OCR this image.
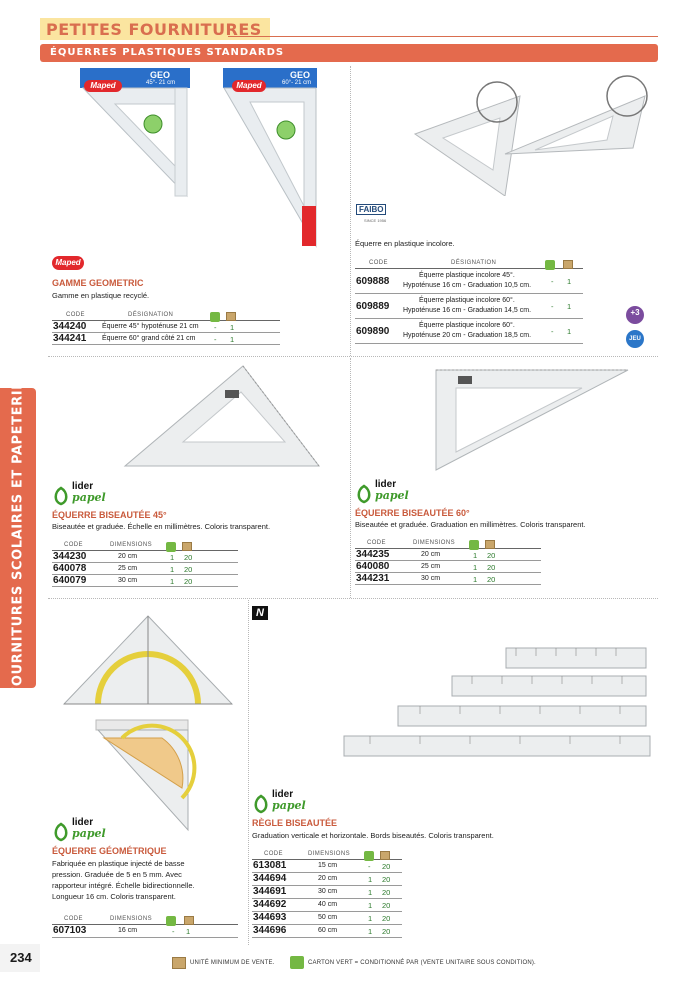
PETITES FOURNITURES
ÉQUERRES PLASTIQUES STANDARDS
FOURNITURES SCOLAIRES ET PAPETERIE
Maped
GEO
45°- 21 cm	Maped
GEO
60°- 21 cm
Maped
GAMME GEOMETRIC
Gamme en plastique recyclé.
CODE	DÉSIGNATION
344240 Équerre 45° hypoténuse 21 cm - 1
344241 Équerre 60° grand côté 21 cm - 1
FAIBO
SINCE 1956
Équerre en plastique incolore.
CODE	DÉSIGNATION
609888
Équerre plastique incolore 45°.
Hypoténuse 16 cm - Graduation 10,5 cm.	- 1
609889
Équerre plastique incolore 60°.
Hypoténuse 16 cm - Graduation 14,5 cm.	- 1
609890
Équerre plastique incolore 60°.
Hypoténuse 20 cm - Graduation 18,5 cm.	- 1
+3
ANS
JEU
lider
papel
ÉQUERRE BISEAUTÉE 45°
Biseautée et graduée. Échelle en millimètres. Coloris transparent.
CODE	DIMENSIONS
344230	20 cm	1 20
640078	25 cm	1 20
640079	30 cm	1 20
lider
papel
ÉQUERRE BISEAUTÉE 60°
Biseautée et graduée. Graduation en millimètres. Coloris transparent.
CODE	DIMENSIONS
344235	20 cm	1 20
640080	25 cm	1 20
344231	30 cm	1 20
lider
papel
ÉQUERRE GÉOMÉTRIQUE
Fabriquée en plastique injecté de basse
pression. Graduée de 5 en 5 mm. Avec
rapporteur intégré. Échelle bidirectionnelle.
Longueur 16 cm. Coloris transparent.
CODE	DIMENSIONS
607103	16 cm	- 1
N
lider
papel
RÈGLE BISEAUTÉE
Graduation verticale et horizontale. Bords biseautés. Coloris transparent.
CODE	DIMENSIONS
613081	15 cm	- 20
344694	20 cm	1 20
344691	30 cm	1 20
344692	40 cm	1 20
344693	50 cm	1 20
344696	60 cm	1 20
234	UNITÉ MINIMUM DE VENTE.	CARTON VERT = CONDITIONNÉ PAR (VENTE UNITAIRE SOUS CONDITION).
